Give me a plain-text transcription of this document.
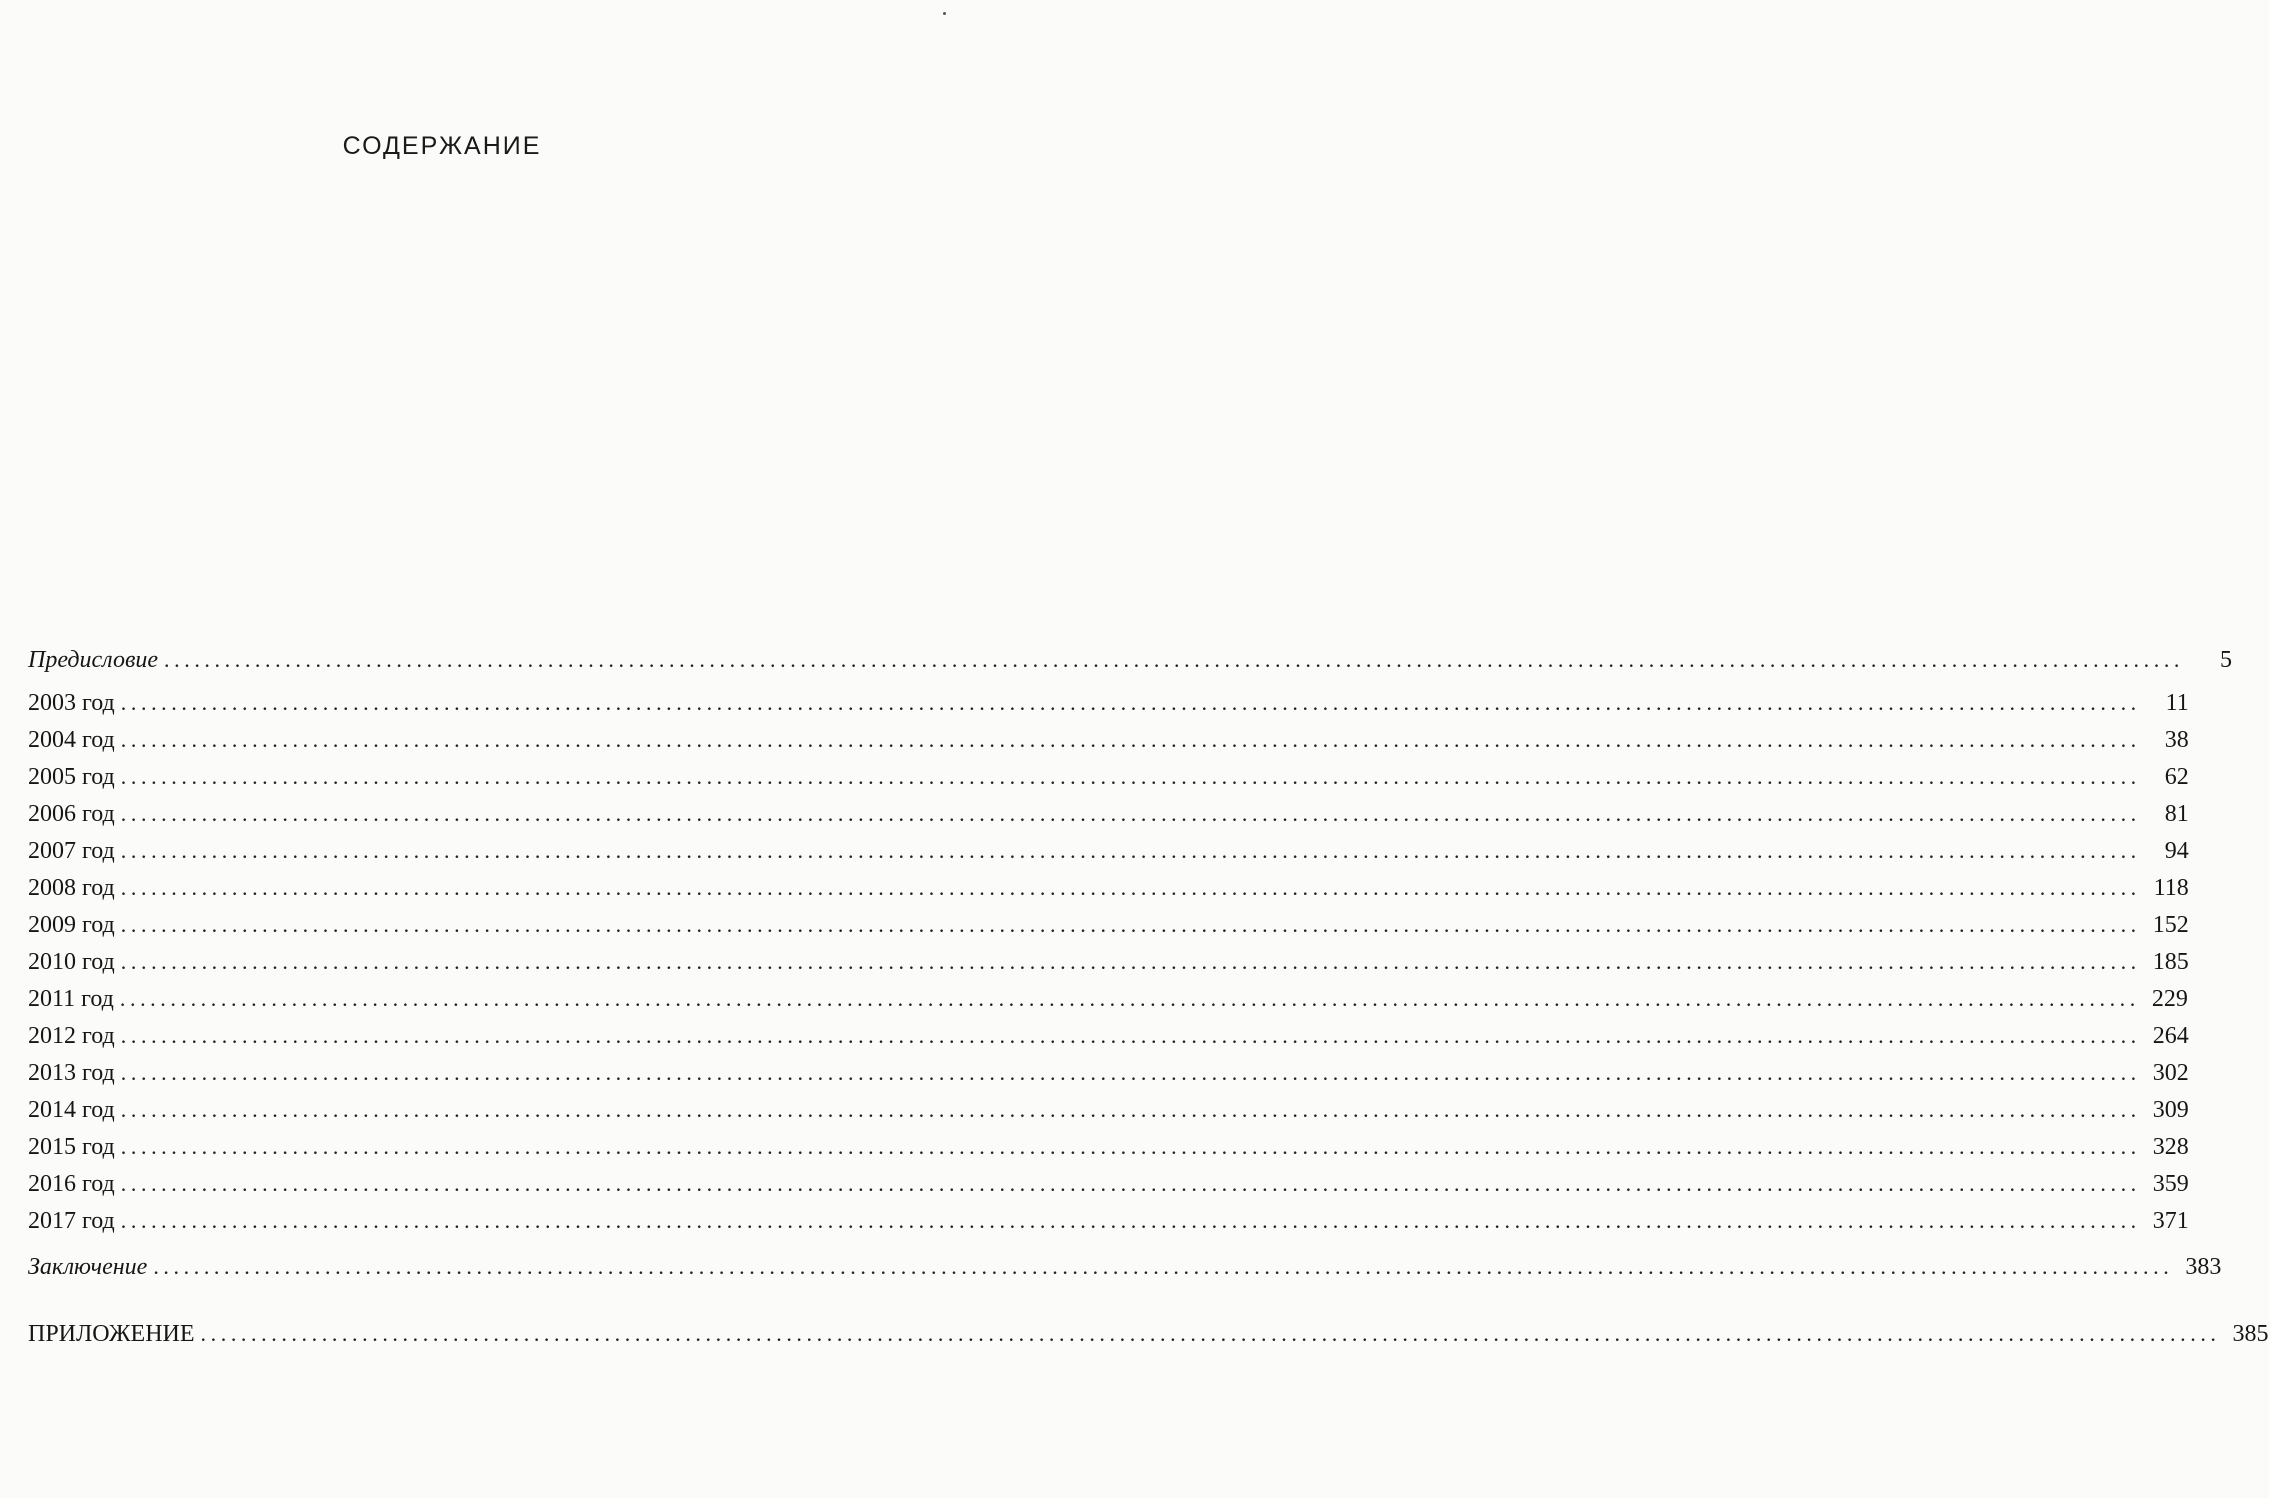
СОДЕРЖАНИЕ
Предисловие ........................................................................................................................................................................................................	5
2003 год ........................................................................................................................................................................................................	11
2004 год ........................................................................................................................................................................................................	38
2005 год ........................................................................................................................................................................................................	62
2006 год ........................................................................................................................................................................................................	81
2007 год ........................................................................................................................................................................................................	94
2008 год ........................................................................................................................................................................................................ 118
2009 год ........................................................................................................................................................................................................ 152
2010 год ........................................................................................................................................................................................................ 185
2011 год ........................................................................................................................................................................................................ 229
2012 год ........................................................................................................................................................................................................ 264
2013 год ........................................................................................................................................................................................................ 302
2014 год ........................................................................................................................................................................................................ 309
2015 год ........................................................................................................................................................................................................ 328
2016 год ........................................................................................................................................................................................................ 359
2017 год ........................................................................................................................................................................................................ 371
Заключение ........................................................................................................................................................................................................ 383
ПРИЛОЖЕНИЕ ........................................................................................................................................................................................................ 385
